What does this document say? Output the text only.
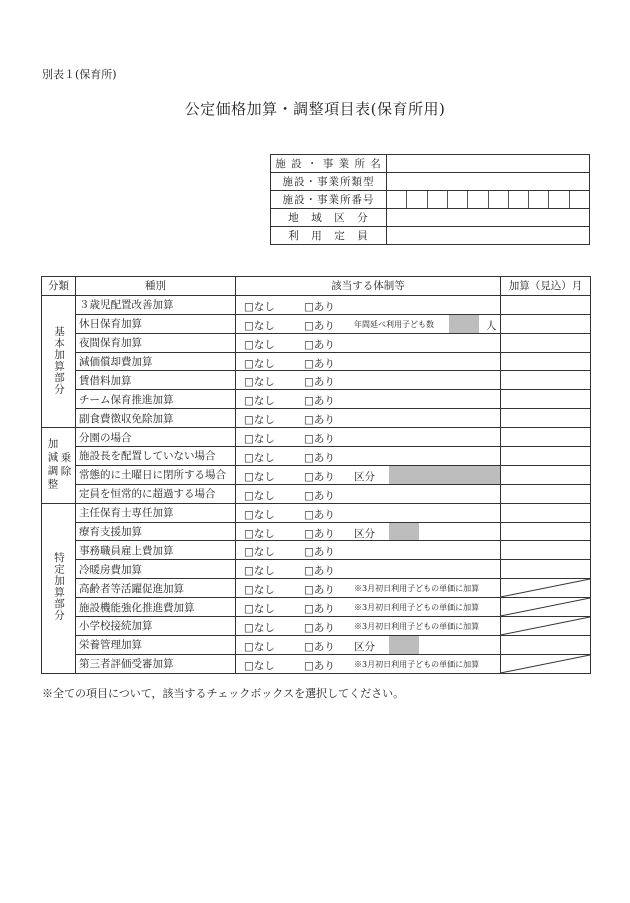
別表１(保育所)
公定価格加算・調整項目表(保育所用)
施 設 ・ 事 業 所 名	
施設・事業所類型	
施設・事業所番号	

地　域　区　分	
利　用　定　員	
分類	種別	該当する体制等	加算（見込）月
基本加算部分	３歳児配置改善加算	□なし □あり	

	休日保育加算	□なし □あり 年間延べ利用子ども数 人	

	夜間保育加算	□なし □あり	

	減価償却費加算	□なし □あり	

	賃借料加算	□なし □あり	

	チーム保育推進加算	□なし □あり	

	副食費徴収免除加算	□なし □あり	

加減調整 乗除	分園の場合	□なし □あり	

	施設長を配置していない場合	□なし □あり	

	常態的に土曜日に閉所する場合	□なし □あり 区分	

	定員を恒常的に超過する場合	□なし □あり	

特定加算部分	主任保育士専任加算	□なし □あり	

	療育支援加算	□なし □あり 区分	

	事務職員雇上費加算	□なし □あり	

	冷暖房費加算	□なし □あり	

	高齢者等活躍促進加算	□なし □あり ※3月初日利用子どもの単価に加算

	施設機能強化推進費加算	□なし □あり ※3月初日利用子どもの単価に加算

	小学校接続加算	□なし □あり ※3月初日利用子どもの単価に加算

	栄養管理加算	□なし □あり 区分	

	第三者評価受審加算	□なし □あり ※3月初日利用子どもの単価に加算

※全ての項目について，該当するチェックボックスを選択してください。
